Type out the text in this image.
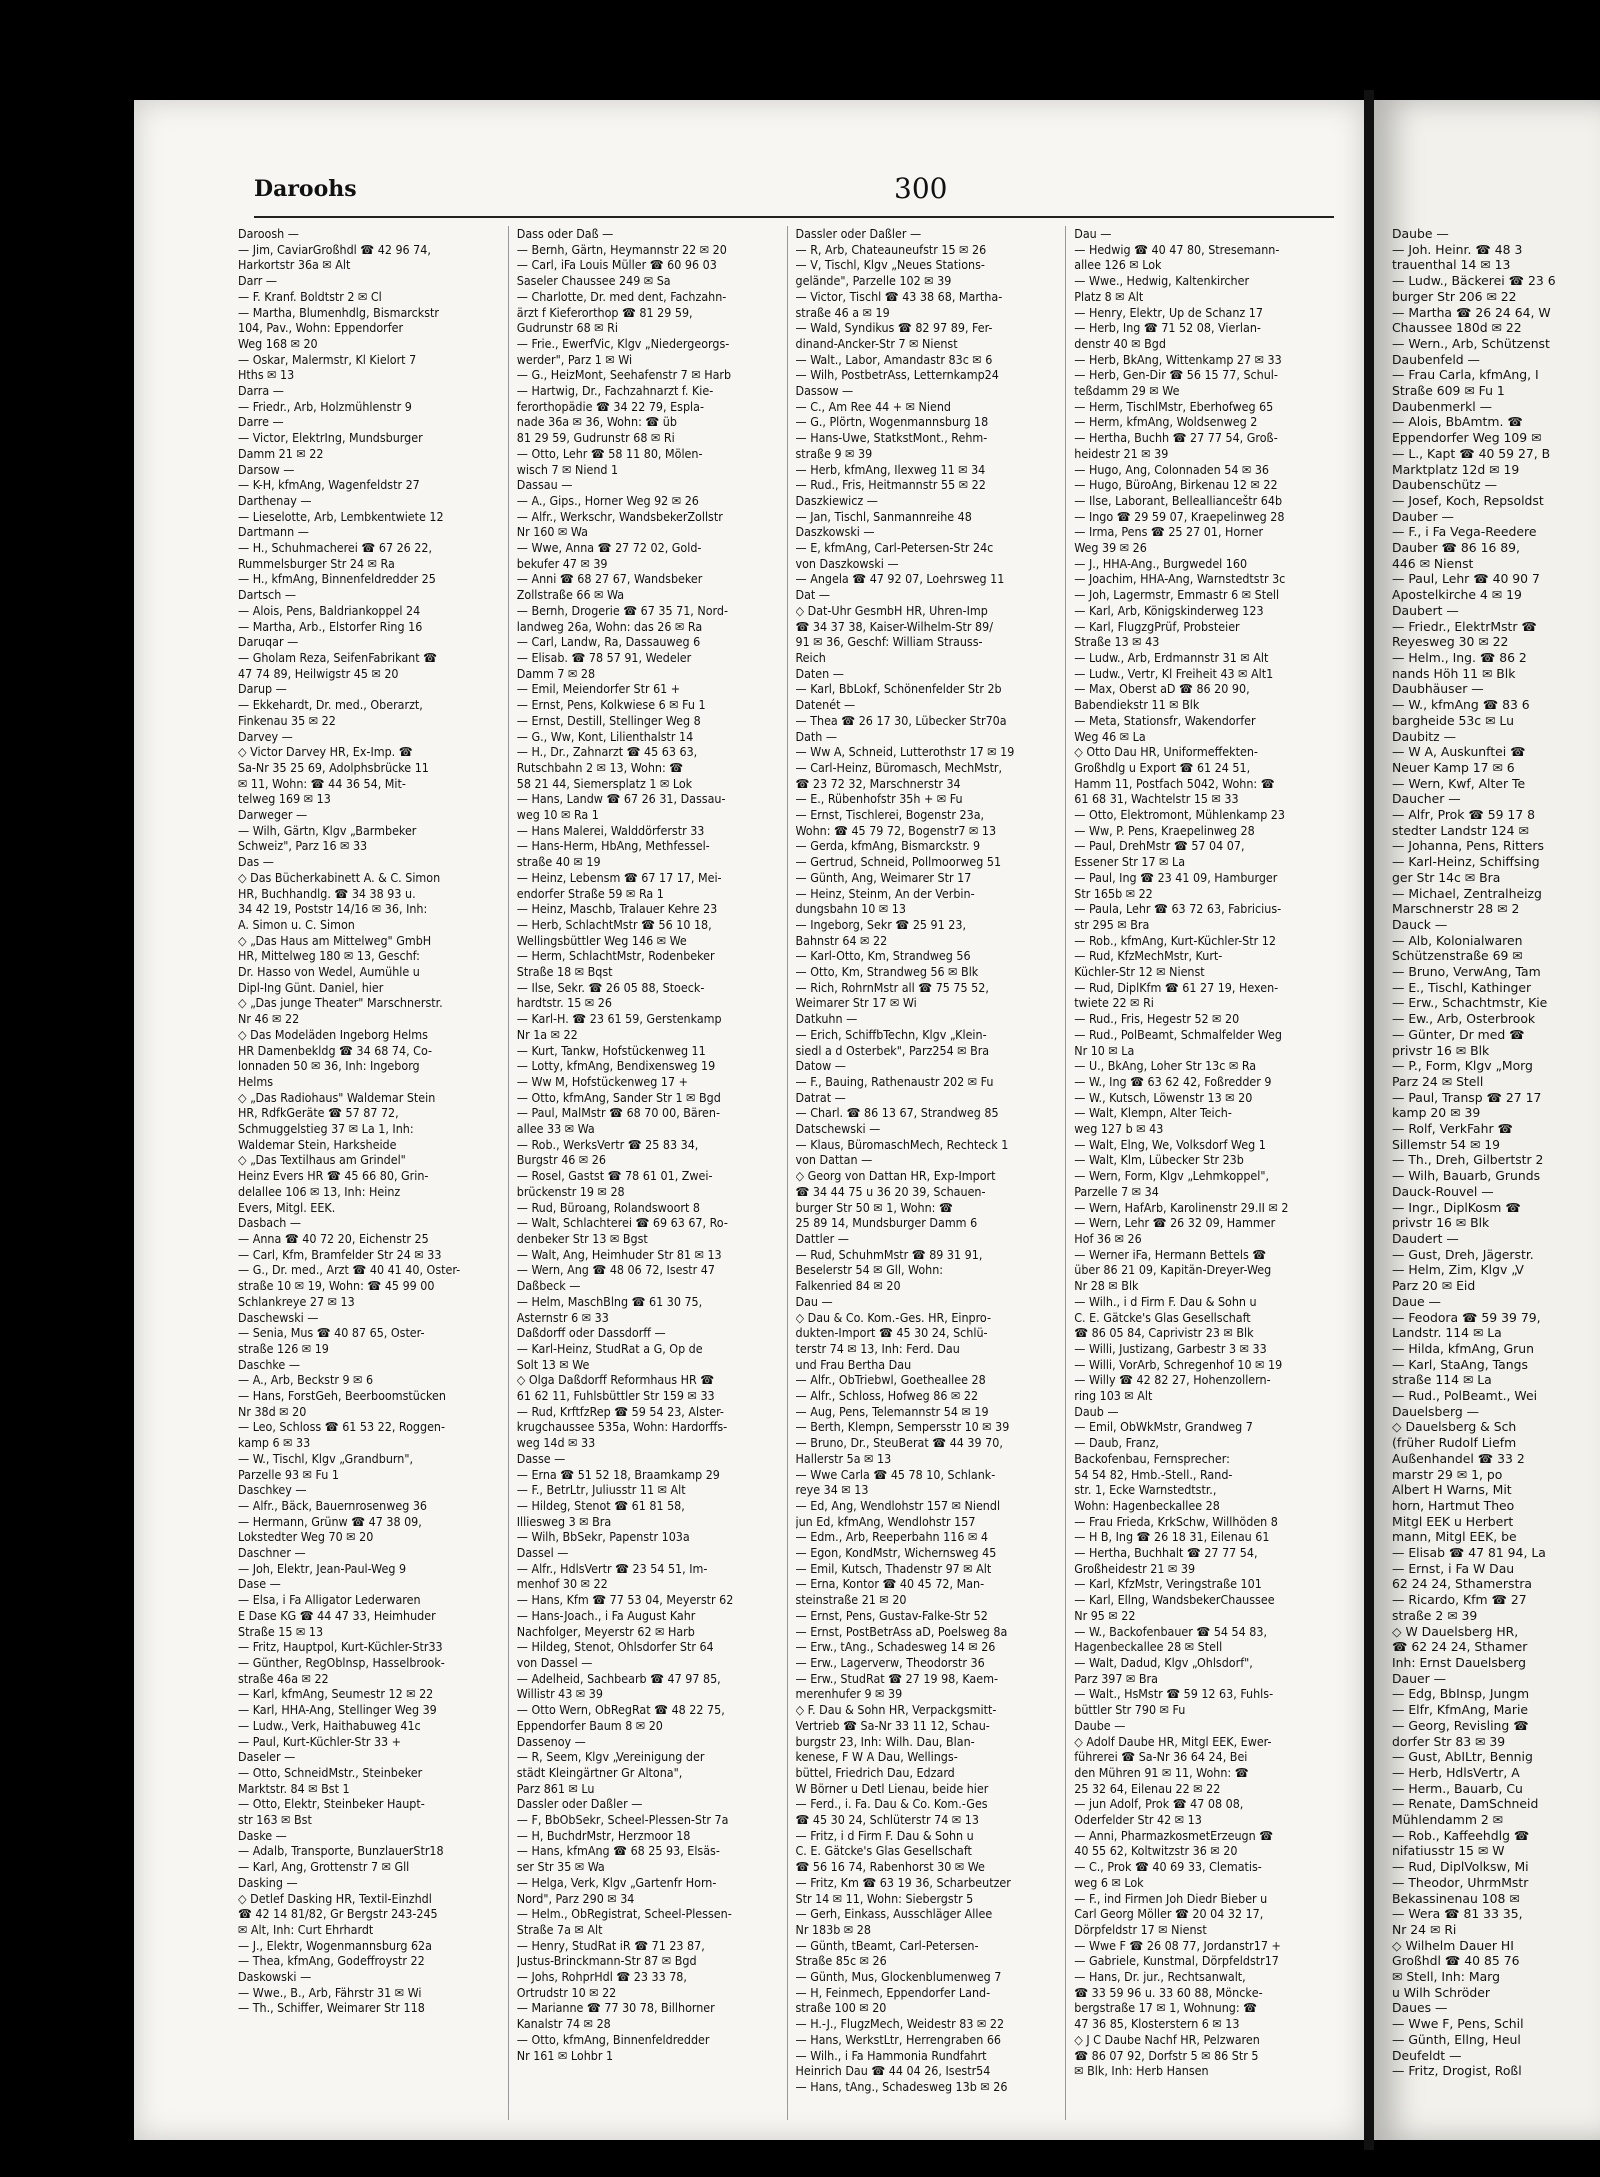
Daroohs	300
Daroosh —
— Jim, CaviarGroßhdl ☎ 42 96 74,
Harkortstr 36a ✉ Alt
Darr —
— F. Kranf. Boldtstr 2 ✉ Cl
— Martha, Blumenhdlg, Bismarckstr
104, Pav., Wohn: Eppendorfer
Weg 168 ✉ 20
— Oskar, Malermstr, Kl Kielort 7
Hths ✉ 13
Darra —
— Friedr., Arb, Holzmühlenstr 9
Darre —
— Victor, ElektrIng, Mundsburger
Damm 21 ✉ 22
Darsow —
— K-H, kfmAng, Wagenfeldstr 27
Darthenay —
— Lieselotte, Arb, Lembkentwiete 12
Dartmann —
— H., Schuhmacherei ☎ 67 26 22,
Rummelsburger Str 24 ✉ Ra
— H., kfmAng, Binnenfeldredder 25
Dartsch —
— Alois, Pens, Baldriankoppel 24
— Martha, Arb., Elstorfer Ring 16
Daruqar —
— Gholam Reza, SeifenFabrikant ☎
47 74 89, Heilwigstr 45 ✉ 20
Darup —
— Ekkehardt, Dr. med., Oberarzt,
Finkenau 35 ✉ 22
Darvey —
◇ Victor Darvey HR, Ex-Imp. ☎
Sa-Nr 35 25 69, Adolphsbrücke 11
✉ 11, Wohn: ☎ 44 36 54, Mit-
telweg 169 ✉ 13
Darweger —
— Wilh, Gärtn, Klgv „Barmbeker
Schweiz", Parz 16 ✉ 33
Das —
◇ Das Bücherkabinett A. & C. Simon
HR, Buchhandlg. ☎ 34 38 93 u.
34 42 19, Poststr 14/16 ✉ 36, Inh:
A. Simon u. C. Simon
◇ „Das Haus am Mittelweg" GmbH
HR, Mittelweg 180 ✉ 13, Geschf:
Dr. Hasso von Wedel, Aumühle u
Dipl-Ing Günt. Daniel, hier
◇ „Das junge Theater" Marschnerstr.
Nr 46 ✉ 22
◇ Das Modeläden Ingeborg Helms
HR Damenbekldg ☎ 34 68 74, Co-
lonnaden 50 ✉ 36, Inh: Ingeborg
Helms
◇ „Das Radiohaus" Waldemar Stein
HR, RdfkGeräte ☎ 57 87 72,
Schmuggelstieg 37 ✉ La 1, Inh:
Waldemar Stein, Harksheide
◇ „Das Textilhaus am Grindel"
Heinz Evers HR ☎ 45 66 80, Grin-
delallee 106 ✉ 13, Inh: Heinz
Evers, Mitgl. EEK.
Dasbach —
— Anna ☎ 40 72 20, Eichenstr 25
— Carl, Kfm, Bramfelder Str 24 ✉ 33
— G., Dr. med., Arzt ☎ 40 41 40, Oster-
straße 10 ✉ 19, Wohn: ☎ 45 99 00
Schlankreye 27 ✉ 13
Daschewski —
— Senia, Mus ☎ 40 87 65, Oster-
straße 126 ✉ 19
Daschke —
— A., Arb, Beckstr 9 ✉ 6
— Hans, ForstGeh, Beerboomstücken
Nr 38d ✉ 20
— Leo, Schloss ☎ 61 53 22, Roggen-
kamp 6 ✉ 33
— W., Tischl, Klgv „Grandburn",
Parzelle 93 ✉ Fu 1
Daschkey —
— Alfr., Bäck, Bauernrosenweg 36
— Hermann, Grünw ☎ 47 38 09,
Lokstedter Weg 70 ✉ 20
Daschner —
— Joh, Elektr, Jean-Paul-Weg 9
Dase —
— Elsa, i Fa Alligator Lederwaren
E Dase KG ☎ 44 47 33, Heimhuder
Straße 15 ✉ 13
— Fritz, Hauptpol, Kurt-Küchler-Str33
— Günther, RegOblnsp, Hasselbrook-
straße 46a ✉ 22
— Karl, kfmAng, Seumestr 12 ✉ 22
— Karl, HHA-Ang, Stellinger Weg 39
— Ludw., Verk, Haithabuweg 41c
— Paul, Kurt-Küchler-Str 33 +
Daseler —
— Otto, SchneidMstr., Steinbeker
Marktstr. 84 ✉ Bst 1
— Otto, Elektr, Steinbeker Haupt-
str 163 ✉ Bst
Daske —
— Adalb, Transporte, BunzlauerStr18
— Karl, Ang, Grottenstr 7 ✉ Gll
Dasking —
◇ Detlef Dasking HR, Textil-Einzhdl
☎ 42 14 81/82, Gr Bergstr 243-245
✉ Alt, Inh: Curt Ehrhardt
— J., Elektr, Wogenmannsburg 62a
— Thea, kfmAng, Godeffroystr 22
Daskowski —
— Wwe., B., Arb, Fährstr 31 ✉ Wi
— Th., Schiffer, Weimarer Str 118
Dass oder Daß —
— Bernh, Gärtn, Heymannstr 22 ✉ 20
— Carl, iFa Louis Müller ☎ 60 96 03
Saseler Chaussee 249 ✉ Sa
— Charlotte, Dr. med dent, Fachzahn-
ärzt f Kieferorthop ☎ 81 29 59,
Gudrunstr 68 ✉ Ri
— Frie., EwerfVic, Klgv „Niedergeorgs-
werder", Parz 1 ✉ Wi
— G., HeizMont, Seehafenstr 7 ✉ Harb
— Hartwig, Dr., Fachzahnarzt f. Kie-
ferorthopädie ☎ 34 22 79, Espla-
nade 36a ✉ 36, Wohn: ☎ üb
81 29 59, Gudrunstr 68 ✉ Ri
— Otto, Lehr ☎ 58 11 80, Mölen-
wisch 7 ✉ Niend 1
Dassau —
— A., Gips., Horner Weg 92 ✉ 26
— Alfr., Werkschr, WandsbekerZollstr
Nr 160 ✉ Wa
— Wwe, Anna ☎ 27 72 02, Gold-
bekufer 47 ✉ 39
— Anni ☎ 68 27 67, Wandsbeker
Zollstraße 66 ✉ Wa
— Bernh, Drogerie ☎ 67 35 71, Nord-
landweg 26a, Wohn: das 26 ✉ Ra
— Carl, Landw, Ra, Dassauweg 6
— Elisab. ☎ 78 57 91, Wedeler
Damm 7 ✉ 28
— Emil, Meiendorfer Str 61 +
— Ernst, Pens, Kolkwiese 6 ✉ Fu 1
— Ernst, Destill, Stellinger Weg 8
— G., Ww, Kont, Lilienthalstr 14
— H., Dr., Zahnarzt ☎ 45 63 63,
Rutschbahn 2 ✉ 13, Wohn: ☎
58 21 44, Siemersplatz 1 ✉ Lok
— Hans, Landw ☎ 67 26 31, Dassau-
weg 10 ✉ Ra 1
— Hans Malerei, Walddörferstr 33
— Hans-Herm, HbAng, Methfessel-
straße 40 ✉ 19
— Heinz, Lebensm ☎ 67 17 17, Mei-
endorfer Straße 59 ✉ Ra 1
— Heinz, Maschb, Tralauer Kehre 23
— Herb, SchlachtMstr ☎ 56 10 18,
Wellingsbüttler Weg 146 ✉ We
— Herm, SchlachtMstr, Rodenbeker
Straße 18 ✉ Bqst
— Ilse, Sekr. ☎ 26 05 88, Stoeck-
hardtstr. 15 ✉ 26
— Karl-H. ☎ 23 61 59, Gerstenkamp
Nr 1a ✉ 22
— Kurt, Tankw, Hofstückenweg 11
— Lotty, kfmAng, Bendixensweg 19
— Ww M, Hofstückenweg 17 +
— Otto, kfmAng, Sander Str 1 ✉ Bgd
— Paul, MalMstr ☎ 68 70 00, Bären-
allee 33 ✉ Wa
— Rob., WerksVertr ☎ 25 83 34,
Burgstr 46 ✉ 26
— Rosel, Gastst ☎ 78 61 01, Zwei-
brückenstr 19 ✉ 28
— Rud, Büroang, Rolandswoort 8
— Walt, Schlachterei ☎ 69 63 67, Ro-
denbeker Str 13 ✉ Bgst
— Walt, Ang, Heimhuder Str 81 ✉ 13
— Wern, Ang ☎ 48 06 72, Isestr 47
Daßbeck —
— Helm, MaschBlng ☎ 61 30 75,
Asternstr 6 ✉ 33
Daßdorff oder Dassdorff —
— Karl-Heinz, StudRat a G, Op de
Solt 13 ✉ We
◇ Olga Daßdorff Reformhaus HR ☎
61 62 11, Fuhlsbüttler Str 159 ✉ 33
— Rud, KrftfzRep ☎ 59 54 23, Alster-
krugchaussee 535a, Wohn: Hardorffs-
weg 14d ✉ 33
Dasse —
— Erna ☎ 51 52 18, Braamkamp 29
— F., BetrLtr, Juliusstr 11 ✉ Alt
— Hildeg, Stenot ☎ 61 81 58,
Illiesweg 3 ✉ Bra
— Wilh, BbSekr, Papenstr 103a
Dassel —
— Alfr., HdlsVertr ☎ 23 54 51, Im-
menhof 30 ✉ 22
— Hans, Kfm ☎ 77 53 04, Meyerstr 62
— Hans-Joach., i Fa August Kahr
Nachfolger, Meyerstr 62 ✉ Harb
— Hildeg, Stenot, Ohlsdorfer Str 64
von Dassel —
— Adelheid, Sachbearb ☎ 47 97 85,
Willistr 43 ✉ 39
— Otto Wern, ObRegRat ☎ 48 22 75,
Eppendorfer Baum 8 ✉ 20
Dassenoy —
— R, Seem, Klgv „Vereinigung der
städt Kleingärtner Gr Altona",
Parz 861 ✉ Lu
Dassler oder Daßler —
— F, BbObSekr, Scheel-Plessen-Str 7a
— H, BuchdrMstr, Herzmoor 18
— Hans, kfmAng ☎ 68 25 93, Elsäs-
ser Str 35 ✉ Wa
— Helga, Verk, Klgv „Gartenfr Horn-
Nord", Parz 290 ✉ 34
— Helm., ObRegistrat, Scheel-Plessen-
Straße 7a ✉ Alt
— Henry, StudRat iR ☎ 71 23 87,
Justus-Brinckmann-Str 87 ✉ Bgd
— Johs, RohprHdl ☎ 23 33 78,
Ortrudstr 10 ✉ 22
— Marianne ☎ 77 30 78, Billhorner
Kanalstr 74 ✉ 28
— Otto, kfmAng, Binnenfeldredder
Nr 161 ✉ Lohbr 1
Dassler oder Daßler —
— R, Arb, Chateauneufstr 15 ✉ 26
— V, Tischl, Klgv „Neues Stations-
gelände", Parzelle 102 ✉ 39
— Victor, Tischl ☎ 43 38 68, Martha-
straße 46 a ✉ 19
— Wald, Syndikus ☎ 82 97 89, Fer-
dinand-Ancker-Str 7 ✉ Nienst
— Walt., Labor, Amandastr 83c ✉ 6
— Wilh, PostbetrAss, Letternkamp24
Dassow —
— C., Am Ree 44 + ✉ Niend
— G., Plörtn, Wogenmannsburg 18
— Hans-Uwe, StatkstMont., Rehm-
straße 9 ✉ 39
— Herb, kfmAng, Ilexweg 11 ✉ 34
— Rud., Fris, Heitmannstr 55 ✉ 22
Daszkiewicz —
— Jan, Tischl, Sanmannreihe 48
Daszkowski —
— E, kfmAng, Carl-Petersen-Str 24c
von Daszkowski —
— Angela ☎ 47 92 07, Loehrsweg 11
Dat —
◇ Dat-Uhr GesmbH HR, Uhren-Imp
☎ 34 37 38, Kaiser-Wilhelm-Str 89/
91 ✉ 36, Geschf: William Strauss-
Reich
Daten —
— Karl, BbLokf, Schönenfelder Str 2b
Datenét —
— Thea ☎ 26 17 30, Lübecker Str70a
Dath —
— Ww A, Schneid, Lutterothstr 17 ✉ 19
— Carl-Heinz, Büromasch, MechMstr,
☎ 23 72 32, Marschnerstr 34
— E., Rübenhofstr 35h + ✉ Fu
— Ernst, Tischlerei, Bogenstr 23a,
Wohn: ☎ 45 79 72, Bogenstr7 ✉ 13
— Gerda, kfmAng, Bismarckstr. 9
— Gertrud, Schneid, Pollmoorweg 51
— Günth, Ang, Weimarer Str 17
— Heinz, Steinm, An der Verbin-
dungsbahn 10 ✉ 13
— Ingeborg, Sekr ☎ 25 91 23,
Bahnstr 64 ✉ 22
— Karl-Otto, Km, Strandweg 56
— Otto, Km, Strandweg 56 ✉ Blk
— Rich, RohrnMstr all ☎ 75 75 52,
Weimarer Str 17 ✉ Wi
Datkuhn —
— Erich, SchiffbTechn, Klgv „Klein-
siedl a d Osterbek", Parz254 ✉ Bra
Datow —
— F., Bauing, Rathenaustr 202 ✉ Fu
Datrat —
— Charl. ☎ 86 13 67, Strandweg 85
Datschewski —
— Klaus, BüromaschMech, Rechteck 1
von Dattan —
◇ Georg von Dattan HR, Exp-Import
☎ 34 44 75 u 36 20 39, Schauen-
burger Str 50 ✉ 1, Wohn: ☎
25 89 14, Mundsburger Damm 6
Dattler —
— Rud, SchuhmMstr ☎ 89 31 91,
Beselerstr 54 ✉ Gll, Wohn:
Falkenried 84 ✉ 20
Dau —
◇ Dau & Co. Kom.-Ges. HR, Einpro-
dukten-Import ☎ 45 30 24, Schlü-
terstr 74 ✉ 13, Inh: Ferd. Dau
und Frau Bertha Dau
— Alfr., ObTriebwl, Goetheallee 28
— Alfr., Schloss, Hofweg 86 ✉ 22
— Aug, Pens, Telemannstr 54 ✉ 19
— Berth, Klempn, Sempersstr 10 ✉ 39
— Bruno, Dr., SteuBerat ☎ 44 39 70,
Hallerstr 5a ✉ 13
— Wwe Carla ☎ 45 78 10, Schlank-
reye 34 ✉ 13
— Ed, Ang, Wendlohstr 157 ✉ Niendl
jun Ed, kfmAng, Wendlohstr 157
— Edm., Arb, Reeperbahn 116 ✉ 4
— Egon, KondMstr, Wichernsweg 45
— Emil, Kutsch, Thadenstr 97 ✉ Alt
— Erna, Kontor ☎ 40 45 72, Man-
steinstraße 21 ✉ 20
— Ernst, Pens, Gustav-Falke-Str 52
— Ernst, PostBetrAss aD, Poelsweg 8a
— Erw., tAng., Schadesweg 14 ✉ 26
— Erw., Lagerverw, Theodorstr 36
— Erw., StudRat ☎ 27 19 98, Kaem-
merenhufer 9 ✉ 39
◇ F. Dau & Sohn HR, Verpackgsmitt-
Vertrieb ☎ Sa-Nr 33 11 12, Schau-
burgstr 23, Inh: Wilh. Dau, Blan-
kenese, F W A Dau, Wellings-
büttel, Friedrich Dau, Edzard
W Börner u Detl Lienau, beide hier
— Ferd., i. Fa. Dau & Co. Kom.-Ges
☎ 45 30 24, Schlüterstr 74 ✉ 13
— Fritz, i d Firm F. Dau & Sohn u
C. E. Gätcke's Glas Gesellschaft
☎ 56 16 74, Rabenhorst 30 ✉ We
— Fritz, Km ☎ 63 19 36, Scharbeutzer
Str 14 ✉ 11, Wohn: Siebergstr 5
— Gerh, Einkass, Ausschläger Allee
Nr 183b ✉ 28
— Günth, tBeamt, Carl-Petersen-
Straße 85c ✉ 26
— Günth, Mus, Glockenblumenweg 7
— H, Feinmech, Eppendorfer Land-
straße 100 ✉ 20
— H.-J., FlugzMech, Weidestr 83 ✉ 22
— Hans, WerkstLtr, Herrengraben 66
— Wilh., i Fa Hammonia Rundfahrt
Heinrich Dau ☎ 44 04 26, Isestr54
— Hans, tAng., Schadesweg 13b ✉ 26
Dau —
— Hedwig ☎ 40 47 80, Stresemann-
allee 126 ✉ Lok
— Wwe., Hedwig, Kaltenkircher
Platz 8 ✉ Alt
— Henry, Elektr, Up de Schanz 17
— Herb, Ing ☎ 71 52 08, Vierlan-
denstr 40 ✉ Bgd
— Herb, BkAng, Wittenkamp 27 ✉ 33
— Herb, Gen-Dir ☎ 56 15 77, Schul-
teßdamm 29 ✉ We
— Herm, TischlMstr, Eberhofweg 65
— Herm, kfmAng, Woldsenweg 2
— Hertha, Buchh ☎ 27 77 54, Groß-
heidestr 21 ✉ 39
— Hugo, Ang, Colonnaden 54 ✉ 36
— Hugo, BüroAng, Birkenau 12 ✉ 22
— Ilse, Laborant, Belleallianceštr 64b
— Ingo ☎ 29 59 07, Kraepelinweg 28
— Irma, Pens ☎ 25 27 01, Horner
Weg 39 ✉ 26
— J., HHA-Ang., Burgwedel 160
— Joachim, HHA-Ang, Warnstedtstr 3c
— Joh, Lagermstr, Emmastr 6 ✉ Stell
— Karl, Arb, Königskinderweg 123
— Karl, FlugzgPrüf, Probsteier
Straße 13 ✉ 43
— Ludw., Arb, Erdmannstr 31 ✉ Alt
— Ludw., Vertr, Kl Freiheit 43 ✉ Alt1
— Max, Oberst aD ☎ 86 20 90,
Babendiekstr 11 ✉ Blk
— Meta, Stationsfr, Wakendorfer
Weg 46 ✉ La
◇ Otto Dau HR, Uniformeffekten-
Großhdlg u Export ☎ 61 24 51,
Hamm 11, Postfach 5042, Wohn: ☎
61 68 31, Wachtelstr 15 ✉ 33
— Otto, Elektromont, Mühlenkamp 23
— Ww, P. Pens, Kraepelinweg 28
— Paul, DrehMstr ☎ 57 04 07,
Essener Str 17 ✉ La
— Paul, Ing ☎ 23 41 09, Hamburger
Str 165b ✉ 22
— Paula, Lehr ☎ 63 72 63, Fabricius-
str 295 ✉ Bra
— Rob., kfmAng, Kurt-Küchler-Str 12
— Rud, KfzMechMstr, Kurt-
Küchler-Str 12 ✉ Nienst
— Rud, DiplKfm ☎ 61 27 19, Hexen-
twiete 22 ✉ Ri
— Rud., Fris, Hegestr 52 ✉ 20
— Rud., PolBeamt, Schmalfelder Weg
Nr 10 ✉ La
— U., BkAng, Loher Str 13c ✉ Ra
— W., Ing ☎ 63 62 42, Foßredder 9
— W., Kutsch, Löwenstr 13 ✉ 20
— Walt, Klempn, Alter Teich-
weg 127 b ✉ 43
— Walt, Elng, We, Volksdorf Weg 1
— Walt, Klm, Lübecker Str 23b
— Wern, Form, Klgv „Lehmkoppel",
Parzelle 7 ✉ 34
— Wern, HafArb, Karolinenstr 29.II ✉ 2
— Wern, Lehr ☎ 26 32 09, Hammer
Hof 36 ✉ 26
— Werner iFa, Hermann Bettels ☎
über 86 21 09, Kapitän-Dreyer-Weg
Nr 28 ✉ Blk
— Wilh., i d Firm F. Dau & Sohn u
C. E. Gätcke's Glas Gesellschaft
☎ 86 05 84, Caprivistr 23 ✉ Blk
— Willi, Justizang, Garbestr 3 ✉ 33
— Willi, VorArb, Schregenhof 10 ✉ 19
— Willy ☎ 42 82 27, Hohenzollern-
ring 103 ✉ Alt
Daub —
— Emil, ObWkMstr, Grandweg 7
— Daub, Franz,
Backofenbau, Fernsprecher:
54 54 82, Hmb.-Stell., Rand-
str. 1, Ecke Warnstedtstr.,
Wohn: Hagenbeckallee 28
— Frau Frieda, KrkSchw, Willhöden 8
— H B, Ing ☎ 26 18 31, Eilenau 61
— Hertha, Buchhalt ☎ 27 77 54,
Großheidestr 21 ✉ 39
— Karl, KfzMstr, Veringstraße 101
— Karl, Ellng, WandsbekerChaussee
Nr 95 ✉ 22
— W., Backofenbauer ☎ 54 54 83,
Hagenbeckallee 28 ✉ Stell
— Walt, Dadud, Klgv „Ohlsdorf",
Parz 397 ✉ Bra
— Walt., HsMstr ☎ 59 12 63, Fuhls-
büttler Str 790 ✉ Fu
Daube —
◇ Adolf Daube HR, Mitgl EEK, Ewer-
führerei ☎ Sa-Nr 36 64 24, Bei
den Mühren 91 ✉ 11, Wohn: ☎
25 32 64, Eilenau 22 ✉ 22
— jun Adolf, Prok ☎ 47 08 08,
Oderfelder Str 42 ✉ 13
— Anni, PharmazkosmetErzeugn ☎
40 55 62, Koltwitzstr 36 ✉ 20
— C., Prok ☎ 40 69 33, Clematis-
weg 6 ✉ Lok
— F., ind Firmen Joh Diedr Bieber u
Carl Georg Möller ☎ 20 04 32 17,
Dörpfeldstr 17 ✉ Nienst
— Wwe F ☎ 26 08 77, Jordanstr17 +
— Gabriele, Kunstmal, Dörpfeldstr17
— Hans, Dr. jur., Rechtsanwalt,
☎ 33 59 96 u. 33 60 88, Mönckе-
bergstraße 17 ✉ 1, Wohnung: ☎
47 36 85, Klosterstern 6 ✉ 13
◇ J C Daube Nachf HR, Pelzwaren
☎ 86 07 92, Dorfstr 5 ✉ 86 Str 5
✉ Blk, Inh: Herb Hansen
Daube —
— Joh. Heinr. ☎ 48 3
trauenthal 14 ✉ 13
— Ludw., Bäckerei ☎ 23 6
burger Str 206 ✉ 22
— Martha ☎ 26 24 64, W
Chaussee 180d ✉ 22
— Wern., Arb, Schützenst
Daubenfeld —
— Frau Carla, kfmAng, I
Straße 609 ✉ Fu 1
Daubenmerkl —
— Alois, BbAmtm. ☎
Eppendorfer Weg 109 ✉
— L., Kapt ☎ 40 59 27, B
Marktplatz 12d ✉ 19
Daubenschütz —
— Josef, Koch, Repsoldst
Dauber —
— F., i Fa Vega-Reedere
Dauber ☎ 86 16 89,
446 ✉ Nienst
— Paul, Lehr ☎ 40 90 7
Apostelkirche 4 ✉ 19
Daubert —
— Friedr., ElektrMstr ☎
Reyesweg 30 ✉ 22
— Helm., Ing. ☎ 86 2
nands Höh 11 ✉ Blk
Daubhäuser —
— W., kfmAng ☎ 83 6
bargheide 53c ✉ Lu
Daubitz —
— W A, Auskunftei ☎
Neuer Kamp 17 ✉ 6
— Wern, Kwf, Alter Te
Daucher —
— Alfr, Prok ☎ 59 17 8
stedter Landstr 124 ✉
— Johanna, Pens, Ritters
— Karl-Heinz, Schiffsing
ger Str 14c ✉ Bra
— Michael, Zentralheizg
Marschnerstr 28 ✉ 2
Dauck —
— Alb, Kolonialwaren
Schützenstraße 69 ✉
— Bruno, VerwAng, Tam
— E., Tischl, Kathinger
— Erw., Schachtmstr, Kie
— Ew., Arb, Osterbrook
— Günter, Dr med ☎
privstr 16 ✉ Blk
— P., Form, Klgv „Morg
Parz 24 ✉ Stell
— Paul, Transp ☎ 27 17
kamp 20 ✉ 39
— Rolf, VerkFahr ☎
Sillemstr 54 ✉ 19
— Th., Dreh, Gilbertstr 2
— Wilh, Bauarb, Grunds
Dauck-Rouvel —
— Ingr., DiplKosm ☎
privstr 16 ✉ Blk
Daudert —
— Gust, Dreh, Jägerstr.
— Helm, Zim, Klgv „V
Parz 20 ✉ Eid
Daue —
— Feodora ☎ 59 39 79,
Landstr. 114 ✉ La
— Hilda, kfmAng, Grun
— Karl, StaAng, Tangs
straße 114 ✉ La
— Rud., PolBeamt., Wei
Dauelsberg —
◇ Dauelsberg & Sch
(früher Rudolf Liefm
Außenhandel ☎ 33 2
marstr 29 ✉ 1, po
Albert H Warns, Mit
horn, Hartmut Theo
Mitgl EEK u Herbert
mann, Mitgl EEK, be
— Elisab ☎ 47 81 94, La
— Ernst, i Fa W Dau
62 24 24, Sthamerstra
— Ricardo, Kfm ☎ 27
straße 2 ✉ 39
◇ W Dauelsberg HR,
☎ 62 24 24, Sthamer
Inh: Ernst Dauelsberg
Dauer —
— Edg, BbInsp, Jungm
— Elfr, KfmAng, Marie
— Georg, Revisling ☎
dorfer Str 83 ✉ 39
— Gust, AbILtr, Bennig
— Herb, HdlsVertr, A
— Herm., Bauarb, Cu
— Renate, DamSchneid
Mühlendamm 2 ✉
— Rob., Kaffeehdlg ☎
nifatiusstr 15 ✉ W
— Rud, DiplVolksw, Mi
— Theodor, UhrmMstr
Bekassinenau 108 ✉
— Wera ☎ 81 33 35,
Nr 24 ✉ Ri
◇ Wilhelm Dauer HI
Großhdl ☎ 40 85 76
✉ Stell, Inh: Marg
u Wilh Schröder
Daues —
— Wwe F, Pens, Schil
— Günth, Ellng, Heul
Deufeldt —
— Fritz, Drogist, Roßl
